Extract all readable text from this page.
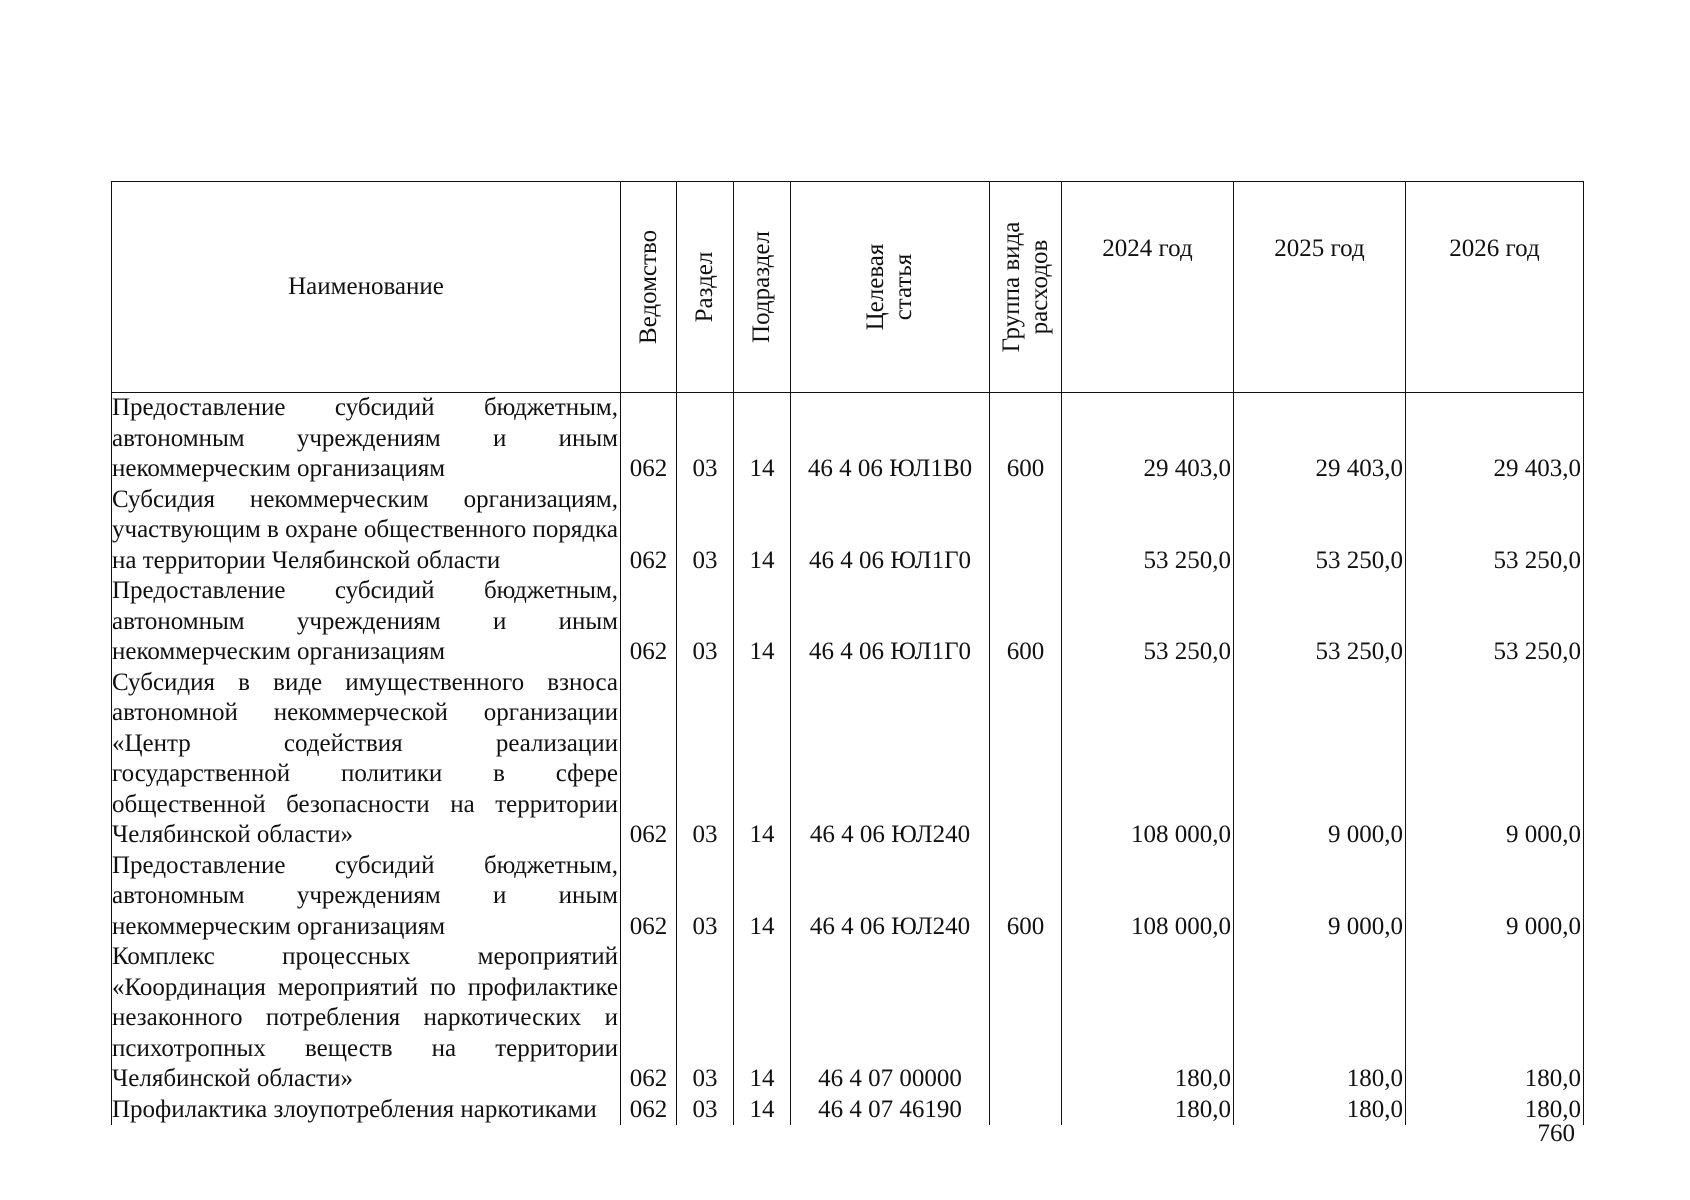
Наименование	Ведомство	Раздел	Подраздел	Целевая статья	Группа вида расходов	2024 год	2025 год	2026 год
Предоставление субсидий бюджетным, автономным учреждениям и иным некоммерческим организациям	062	03	14	46 4 06 ЮЛ1В0	600	29 403,0	29 403,0	29 403,0
Субсидия некоммерческим организациям, участвующим в охране общественного порядка на территории Челябинской области	062	03	14	46 4 06 ЮЛ1Г0		53 250,0	53 250,0	53 250,0
Предоставление субсидий бюджетным, автономным учреждениям и иным некоммерческим организациям	062	03	14	46 4 06 ЮЛ1Г0	600	53 250,0	53 250,0	53 250,0
Субсидия в виде имущественного взноса автономной некоммерческой организации «Центр содействия реализации государственной политики в сфере общественной безопасности на территории Челябинской области»	062	03	14	46 4 06 ЮЛ240		108 000,0	9 000,0	9 000,0
Предоставление субсидий бюджетным, автономным учреждениям и иным некоммерческим организациям	062	03	14	46 4 06 ЮЛ240	600	108 000,0	9 000,0	9 000,0
Комплекс процессных мероприятий «Координация мероприятий по профилактике незаконного потребления наркотических и психотропных веществ на территории Челябинской области»	062	03	14	46 4 07 00000		180,0	180,0	180,0
Профилактика злоупотребления наркотиками	062	03	14	46 4 07 46190		180,0	180,0	180,0
760
